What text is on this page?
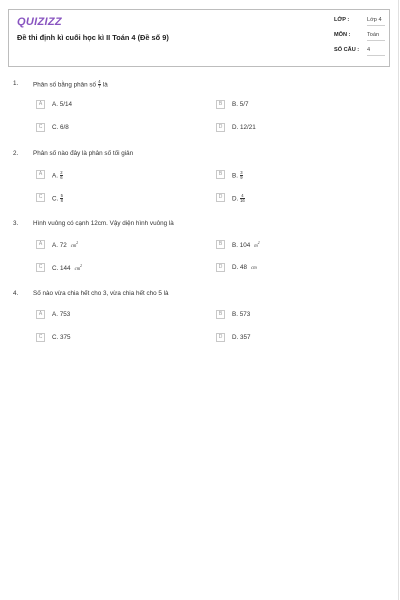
QUIZIZZ
Đề thi định kì cuối học kì II Toán 4 (Đề số 9)
LỚP :	Lớp 4
MÔN :	Toán
SỐ CÂU : 4
1. Phân số bằng phân số $\frac{4}{7}$ là
A	A. 5/14	B	B. 5/7
C	C. 6/8	D	D. 12/21
2. Phân số nào đây là phân số tối giản
A	A. $\frac{2}{6}$	B	B. $\frac{3}{9}$
C	C. $\frac{5}{8}$	D	D. $\frac{4}{16}$
3. Hình vuông có cạnh 12cm. Vậy diện hình vuông là
A	A. 72 $cm^2$	B	B. 104 $m^2$
C	C. 144 $cm^2$	D	D. 48 cm
4. Số nào vừa chia hết cho 3, vừa chia hết cho 5 là
A	A. 753	B	B. 573
C	C. 375	D	D. 357
